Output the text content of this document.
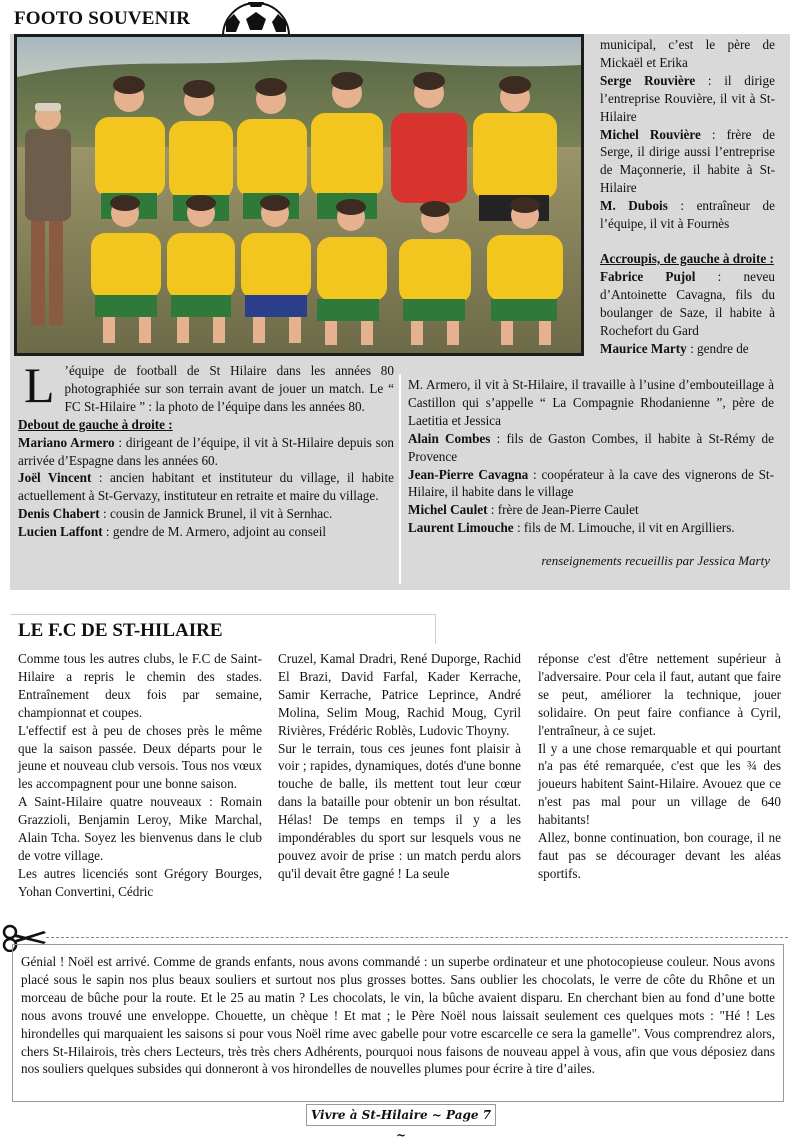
FOOTO SOUVENIR

municipal, c’est le père de Mickaël et Erika

Serge Rouvière : il dirige l’entreprise Rouvière, il vit à St-Hilaire

Michel Rouvière : frère de Serge, il dirige aussi l’entreprise de Maçonnerie, il habite à St-Hilaire

M. Dubois : entraîneur de l’équipe, il vit à Fournès

Accroupis, de gauche à droite :

Fabrice Pujol : neveu d’Antoinette Cavagna, fils du boulanger de Saze, il habite à Rochefort du Gard

Maurice Marty : gendre de

L ’équipe de football de St Hilaire dans les années 80 photographiée sur son terrain avant de jouer un match. Le “ FC St-Hilaire ” : la photo de l’équipe dans les années 80.

Debout de gauche à droite :

Mariano Armero : dirigeant de l’équipe, il vit à St-Hilaire depuis son arrivée d’Espagne dans les années 60.

Joël Vincent : ancien habitant et instituteur du village, il habite actuellement à St-Gervazy, instituteur en retraite et maire du village.

Denis Chabert : cousin de Jannick Brunel, il vit à Sernhac.

Lucien Laffont : gendre de M. Armero, adjoint au conseil

M. Armero, il vit à St-Hilaire, il travaille à l’usine d’embouteillage à Castillon qui s’appelle “ La Compagnie Rhodanienne ”, père de Laetitia et Jessica

Alain Combes : fils de Gaston Combes, il habite à St-Rémy de Provence

Jean-Pierre Cavagna : coopérateur à la cave des vignerons de St-Hilaire, il habite dans le village

Michel Caulet : frère de Jean-Pierre Caulet

Laurent Limouche : fils de M. Limouche, il vit en Argilliers.

renseignements recueillis par Jessica Marty
LE F.C DE ST-HILAIRE

Comme tous les autres clubs, le F.C de Saint-Hilaire a repris le chemin des stades. Entraînement deux fois par semaine, championnat et coupes.

L'effectif est à peu de choses près le même que la saison passée. Deux départs pour le jeune et nouveau club versois. Tous nos vœux les accompagnent pour une bonne saison.

A Saint-Hilaire quatre nouveaux : Romain Grazzioli, Benjamin Leroy, Mike Marchal, Alain Tcha. Soyez les bienvenus dans le club de votre village.

Les autres licenciés sont Grégory Bourges, Yohan Convertini, Cédric

Cruzel, Kamal Dradri, René Duporge, Rachid El Brazi, David Farfal, Kader Kerrache, Samir Kerrache, Patrice Leprince, André Molina, Selim Moug, Rachid Moug, Cyril Rivières, Frédéric Roblès, Ludovic Thoyny.

Sur le terrain, tous ces jeunes font plaisir à voir ; rapides, dynamiques, dotés d'une bonne touche de balle, ils mettent tout leur cœur dans la bataille pour obtenir un bon résultat. Hélas! De temps en temps il y a les impondérables du sport sur lesquels vous ne pouvez avoir de prise : un match perdu alors qu'il devait être gagné ! La seule

réponse c'est d'être nettement supérieur à l'adversaire. Pour cela il faut, autant que faire se peut, améliorer la technique, jouer solidaire. On peut faire confiance à Cyril, l'entraîneur, à ce sujet.

Il y a une chose remarquable et qui pourtant n'a pas été remarquée, c'est que les ¾ des joueurs habitent Saint-Hilaire. Avouez que ce n'est pas mal pour un village de 640 habitants!

Allez, bonne continuation, bon courage, il ne faut pas se décourager devant les aléas sportifs.

Génial ! Noël est arrivé. Comme de grands enfants, nous avons commandé : un superbe ordinateur et une photocopieuse couleur. Nous avons placé sous le sapin nos plus beaux souliers et surtout nos plus grosses bottes. Sans oublier les chocolats, le verre de côte du Rhône et un morceau de bûche pour la route. Et le 25 au matin ? Les chocolats, le vin, la bûche avaient disparu. En cherchant bien au fond d’une botte nous avons trouvé une enveloppe. Chouette, un chèque ! Et mat ; le Père Noël nous laissait seulement ces quelques mots : "Hé ! Les hirondelles qui marquaient les saisons si pour vous Noël rime avec gabelle pour votre escarcelle ce sera la gamelle". Vous comprendrez alors, chers St-Hilairois, très chers Lecteurs, très très chers Adhérents, pourquoi nous faisons de nouveau appel à vous, afin que vous déposiez dans nos souliers quelques subsides qui donneront à vos hirondelles de nouvelles plumes pour écrire à tire d’ailes.
Vivre à St-Hilaire ~ Page 7 ~
